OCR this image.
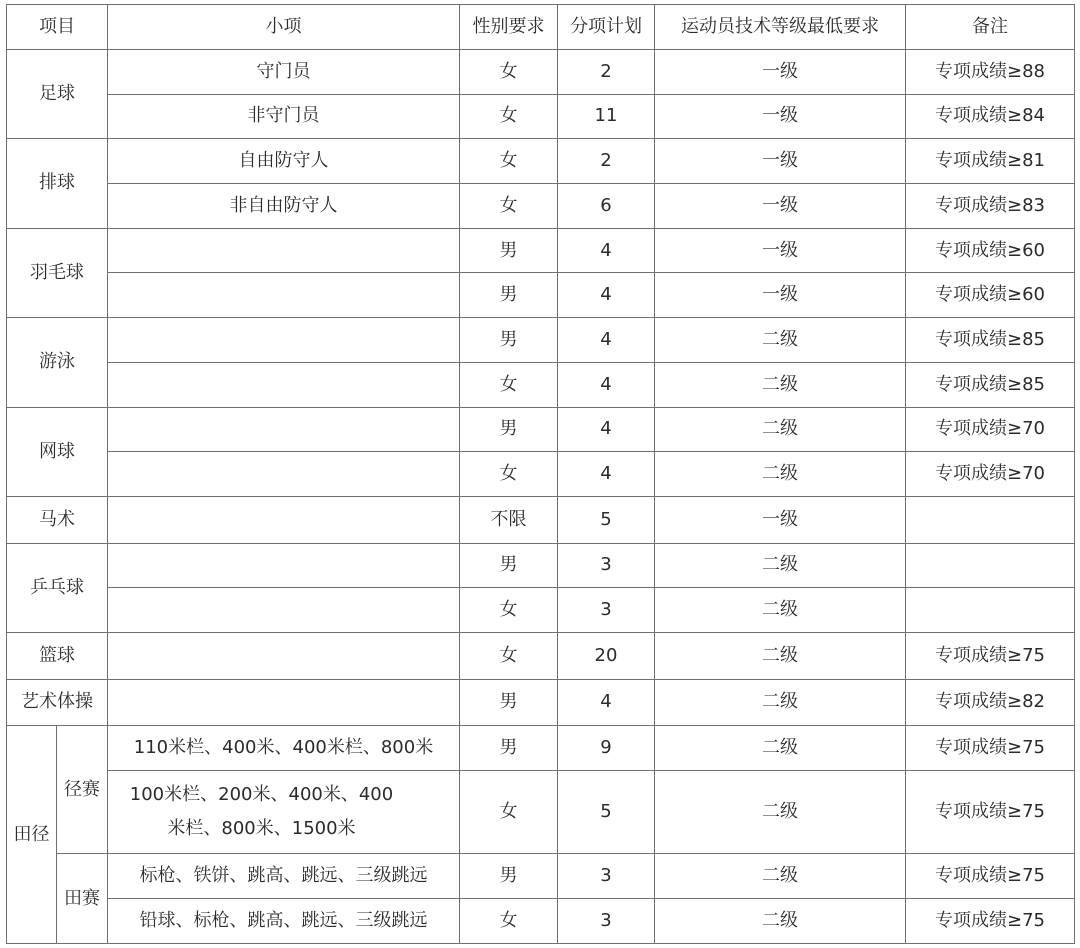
项目		小项	性别要求	分项计划	运动员技术等级最低要求	备注
足球		守门员	女	2	一级	专项成绩≥88
		非守门员	女	11	一级	专项成绩≥84
排球		自由防守人	女	2	一级	专项成绩≥81
		非自由防守人	女	6	一级	专项成绩≥83
羽毛球			男	4	一级	专项成绩≥60
			男	4	一级	专项成绩≥60
游泳			男	4	二级	专项成绩≥85
			女	4	二级	专项成绩≥85
网球			男	4	二级	专项成绩≥70
			女	4	二级	专项成绩≥70
马术			不限	5	一级	
乒乓球			男	3	二级	
			女	3	二级	
篮球			女	20	二级	专项成绩≥75
艺术体操			男	4	二级	专项成绩≥82
田径	径赛	110米栏、400米、400米栏、800米	男	9	二级	专项成绩≥75
		100米栏、200米、400米、400米栏、800米、1500米	女	5	二级	专项成绩≥75
	田赛	标枪、铁饼、跳高、跳远、三级跳远	男	3	二级	专项成绩≥75
		铅球、标枪、跳高、跳远、三级跳远	女	3	二级	专项成绩≥75
